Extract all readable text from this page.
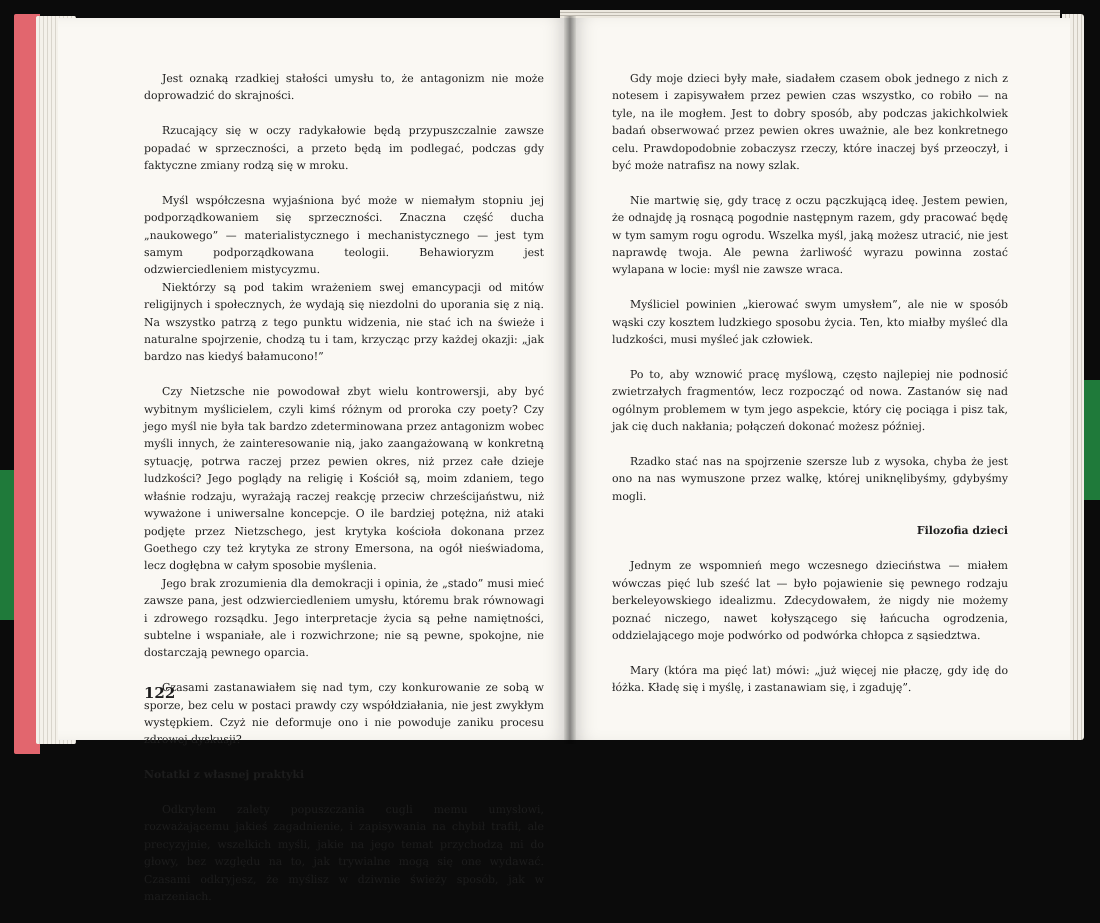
Jest oznaką rzadkiej stałości umysłu to, że antagonizm nie może doprowadzić do skrajności.

Rzucający się w oczy radykałowie będą przypuszczalnie zawsze popadać w sprzeczności, a przeto będą im podlegać, podczas gdy faktyczne zmiany rodzą się w mroku.

Myśl współczesna wyjaśniona być może w niemałym stopniu jej podporządkowaniem się sprzeczności. Znaczna część ducha „naukowego” — materialistycznego i mechanistycznego — jest tym samym podporządkowana teologii. Behawioryzm jest odzwierciedleniem mistycyzmu.

Niektórzy są pod takim wrażeniem swej emancypacji od mitów religijnych i społecznych, że wydają się niezdolni do uporania się z nią. Na wszystko patrzą z tego punktu widzenia, nie stać ich na świeże i naturalne spojrzenie, chodzą tu i tam, krzycząc przy każdej okazji: „jak bardzo nas kiedyś bałamucono!”

Czy Nietzsche nie powodował zbyt wielu kontrowersji, aby być wybitnym myślicielem, czyli kimś różnym od proroka czy poety? Czy jego myśl nie była tak bardzo zdeterminowana przez antagonizm wobec myśli innych, że zainteresowanie nią, jako zaangażowaną w konkretną sytuację, potrwa raczej przez pewien okres, niż przez całe dzieje ludzkości? Jego poglądy na religię i Kościół są, moim zdaniem, tego właśnie rodzaju, wyrażają raczej reakcję przeciw chrześcijaństwu, niż wyważone i uniwersalne koncepcje. O ile bardziej potężna, niż ataki podjęte przez Nietzschego, jest krytyka kościoła dokonana przez Goethego czy też krytyka ze strony Emersona, na ogół nieświadoma, lecz dogłębna w całym sposobie myślenia.

Jego brak zrozumienia dla demokracji i opinia, że „stado” musi mieć zawsze pana, jest odzwierciedleniem umysłu, któremu brak równowagi i zdrowego rozsądku. Jego interpretacje życia są pełne namiętności, subtelne i wspaniałe, ale i rozwichrzone; nie są pewne, spokojne, nie dostarczają pewnego oparcia.

Czasami zastanawiałem się nad tym, czy konkurowanie ze sobą w sporze, bez celu w postaci prawdy czy współdziałania, nie jest zwykłym występkiem. Czyż nie deformuje ono i nie powoduje zaniku procesu zdrowej dyskusji?

Notatki z własnej praktyki

Odkryłem zalety popuszczania cugli memu umysłowi, rozważającemu jakieś zagadnienie, i zapisywania na chybił trafił, ale precyzyjnie, wszelkich myśli, jakie na jego temat przychodzą mi do głowy, bez względu na to, jak trywialne mogą się one wydawać. Czasami odkryjesz, że myślisz w dziwnie świeży sposób, jak w marzeniach.

122

Gdy moje dzieci były małe, siadałem czasem obok jednego z nich z notesem i zapisywałem przez pewien czas wszystko, co robiło — na tyle, na ile mogłem. Jest to dobry sposób, aby podczas jakichkolwiek badań obserwować przez pewien okres uważnie, ale bez konkretnego celu. Prawdopodobnie zobaczysz rzeczy, które inaczej byś przeoczył, i być może natrafisz na nowy szlak.

Nie martwię się, gdy tracę z oczu pączkującą ideę. Jestem pewien, że odnajdę ją rosnącą pogodnie następnym razem, gdy pracować będę w tym samym rogu ogrodu. Wszelka myśl, jaką możesz utracić, nie jest naprawdę twoja. Ale pewna żarliwość wyrazu powinna zostać wylapana w locie: myśl nie zawsze wraca.

Myśliciel powinien „kierować swym umysłem”, ale nie w sposób wąski czy kosztem ludzkiego sposobu życia. Ten, kto miałby myśleć dla ludzkości, musi myśleć jak człowiek.

Po to, aby wznowić pracę myślową, często najlepiej nie podnosić zwietrzałych fragmentów, lecz rozpocząć od nowa. Zastanów się nad ogólnym problemem w tym jego aspekcie, który cię pociąga i pisz tak, jak cię duch nakłania; połączeń dokonać możesz później.

Rzadko stać nas na spojrzenie szersze lub z wysoka, chyba że jest ono na nas wymuszone przez walkę, której uniknęlibyśmy, gdybyśmy mogli.

Filozofia dzieci

Jednym ze wspomnień mego wczesnego dzieciństwa — miałem wówczas pięć lub sześć lat — było pojawienie się pewnego rodzaju berkeleyowskiego idealizmu. Zdecydowałem, że nigdy nie możemy poznać niczego, nawet kołyszącego się łańcucha ogrodzenia, oddzielającego moje podwórko od podwórka chłopca z sąsiedztwa.

Mary (która ma pięć lat) mówi: „już więcej nie płaczę, gdy idę do łóżka. Kładę się i myślę, i zastanawiam się, i zgaduję”.
